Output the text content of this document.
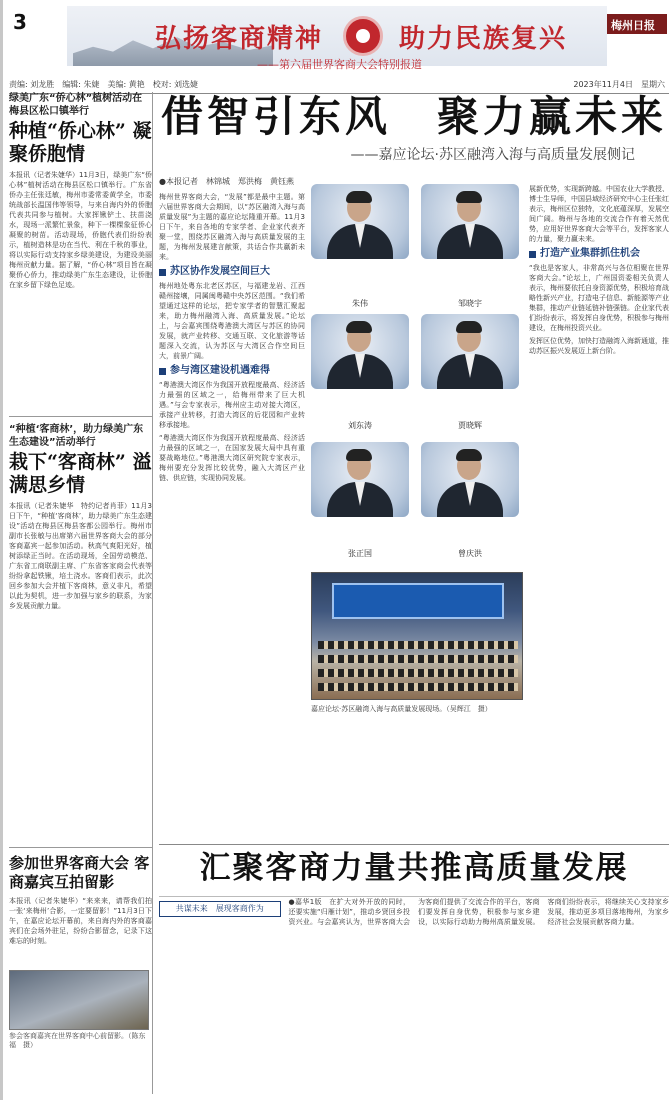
3
弘扬客商精神	助力民族复兴
——第六届世界客商大会特别报道
梅州日报
责编: 刘龙胜　编辑: 朱婕　美编: 黄艳　校对: 刘选婕	2023年11月4日　星期六
绿美广东“侨心林”植树活动在梅县区松口镇举行
种植“侨心林” 凝聚侨胞情
本报讯（记者朱婕华）11月3日，绿美广东“侨心林”植树活动在梅县区松口镇举行。广东省侨办主任张廷敏，梅州市委常委黄学全，市委统战部长温国伟等领导，与来自海内外的侨胞代表共同参与植树。大家挥锹铲土、扶苗浇水，现场一派繁忙景象，种下一棵棵象征侨心凝聚的树苗。活动现场，侨胞代表们纷纷表示，植树造林是功在当代、利在千秋的事业，将以实际行动支持家乡绿美建设，为建设美丽梅州贡献力量。据了解，“侨心林”项目旨在凝聚侨心侨力，推动绿美广东生态建设，让侨胞在家乡留下绿色足迹。
“种植‘客商林’，助力绿美广东生态建设”活动举行
栽下“客商林” 溢满思乡情
本报讯（记者朱婕华　特约记者肖菲）11月3日下午，“种植‘客商林’，助力绿美广东生态建设”活动在梅县区梅县客都公园举行。梅州市副市长张敏与出席第六届世界客商大会的部分客商嘉宾一起参加活动。秋高气爽阳光好，植树添绿正当时。在活动现场，全国劳动模范、广东省工商联副主席、广东省客家商会代表等纷纷拿起铁锹，培土浇水。客商们表示，此次回乡参加大会并植下客商林，意义非凡，希望以此为契机，进一步加强与家乡的联系，为家乡发展贡献力量。
参加世界客商大会 客商嘉宾互拍留影
本报讯（记者朱婕华）“来来来，请帮我们拍一张‘来梅州’合影，一定要留影！”11月3日下午，在嘉应论坛开幕前，来自海内外的客商嘉宾们在会场外驻足，纷纷合影留念，记录下这难忘的时刻。
参会客商嘉宾在世界客商中心前留影。（陈东福　摄）
借智引东风　聚力赢未来
——嘉应论坛·苏区融湾入海与高质量发展侧记
●本报记者　林锦城　郑洪梅　黄钰燕
梅州世界客商大会，“发展”都是最中主题。第六届世界客商大会期间，以“苏区融湾入海与高质量发展”为主题的嘉应论坛隆重开幕。11月3日下午，来自各地的专家学者、企业家代表齐聚一堂，围绕苏区融湾入海与高质量发展的主题，为梅州发展建言献策，共话合作共赢新未来。
苏区协作发展空间巨大
梅州地处粤东北老区苏区，与福建龙岩、江西赣州接壤，同属闽粤赣中央苏区范围。“我们希望通过这样的论坛，把专家学者的智慧汇聚起来，助力梅州融湾入海、高质量发展。”论坛上，与会嘉宾围绕粤港澳大湾区与苏区的协同发展，就产业转移、交通互联、文化旅游等话题深入交流，认为苏区与大湾区合作空间巨大，前景广阔。
参与湾区建设机遇难得
“粤港澳大湾区作为我国开放程度最高、经济活力最强的区域之一，给梅州带来了巨大机遇。”与会专家表示，梅州应主动对接大湾区，承接产业转移，打造大湾区的后花园和产业转移承接地。
“粤港澳大湾区作为我国开放程度最高、经济活力最强的区域之一，在国家发展大局中具有重要战略地位。”粤港澳大湾区研究院专家表示，梅州要充分发挥比较优势，融入大湾区产业链、供应链，实现协同发展。
朱伟	邹晓宇
刘东涛	贾晓辉
张正国	曾庆洪
嘉应论坛·苏区融湾入海与高质量发展现场。（吴辉江　摄）
展新优势，实现新跨越。中国农业大学教授、博士生导师，中国县域经济研究中心主任张红表示，梅州区位独特，文化底蕴深厚，发展空间广阔。梅州与各地的交流合作有着天然优势，应用好世界客商大会等平台，发挥客家人的力量，聚力赢未来。
打造产业集群抓住机会
“我也是客家人，非常高兴与各位相聚在世界客商大会。”论坛上，广州国资委相关负责人表示，梅州要依托自身资源优势，积极培育战略性新兴产业，打造电子信息、新能源等产业集群，推动产业链延链补链强链。企业家代表们纷纷表示，将发挥自身优势，积极参与梅州建设，在梅州投资兴业。
发挥区位优势，加快打造融湾入海新通道，推动苏区振兴发展迈上新台阶。
汇聚客商力量共推高质量发展
共谋未来　展现客商作为
●嘉华1版　在扩大对外开放的同时，还要实施“归雁计划”，推动乡贤回乡投资兴业。与会嘉宾认为，世界客商大会为客商们提供了交流合作的平台，客商们要发挥自身优势，积极参与家乡建设，以实际行动助力梅州高质量发展。客商们纷纷表示，将继续关心支持家乡发展，推动更多项目落地梅州，为家乡经济社会发展贡献客商力量。
